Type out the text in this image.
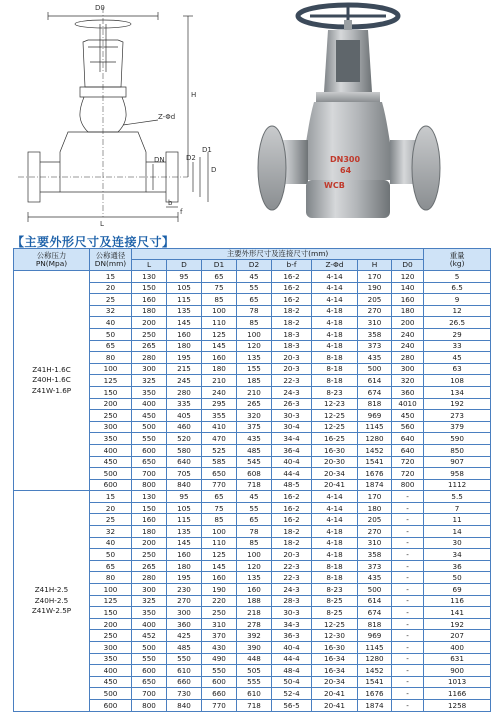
D0
H
D
D1
D2
DN
L
b
f
Z-Φd
DN300
64
WCB
【主要外形尺寸及连接尺寸】
公称压力
PN(Mpa)	公称通径
DN(mm)	主要外形尺寸及连接尺寸(mm)								重量
(kg)
		L	D	D1	D2	b-f	Z-Φd	H	D0	

Z41H-1.6C
Z40H-1.6C
Z41W-1.6P	15	130	95	65	45	16-2	4-14	170	120	5
	20	150	105	75	55	16-2	4-14	190	140	6.5
	25	160	115	85	65	16-2	4-14	205	160	9
	32	180	135	100	78	18-2	4-18	270	180	12
	40	200	145	110	85	18-2	4-18	310	200	26.5
	50	250	160	125	100	18-3	4-18	358	240	29
	65	265	180	145	120	18-3	4-18	373	240	33
	80	280	195	160	135	20-3	8-18	435	280	45
	100	300	215	180	155	20-3	8-18	500	300	63
	125	325	245	210	185	22-3	8-18	614	320	108
	150	350	280	240	210	24-3	8-23	674	360	134
	200	400	335	295	265	26-3	12-23	818	4010	192
	250	450	405	355	320	30-3	12-25	969	450	273
	300	500	460	410	375	30-4	12-25	1145	560	379
	350	550	520	470	435	34-4	16-25	1280	640	590
	400	600	580	525	485	36-4	16-30	1452	640	850
	450	650	640	585	545	40-4	20-30	1541	720	907
	500	700	705	650	608	44-4	20-34	1676	720	958
	600	800	840	770	718	48-5	20-41	1874	800	1112

Z41H-2.5
Z40H-2.5
Z41W-2.5P	15	130	95	65	45	16-2	4-14	170	-	5.5
	20	150	105	75	55	16-2	4-14	180	-	7
	25	160	115	85	65	16-2	4-14	205	-	11
	32	180	135	100	78	18-2	4-18	270	-	14
	40	200	145	110	85	18-2	4-18	310	-	30
	50	250	160	125	100	20-3	4-18	358	-	34
	65	265	180	145	120	22-3	8-18	373	-	36
	80	280	195	160	135	22-3	8-18	435	-	50
	100	300	230	190	160	24-3	8-23	500	-	69
	125	325	270	220	188	28-3	8-25	614	-	116
	150	350	300	250	218	30-3	8-25	674	-	141
	200	400	360	310	278	34-3	12-25	818	-	192
	250	452	425	370	392	36-3	12-30	969	-	207
	300	500	485	430	390	40-4	16-30	1145	-	400
	350	550	550	490	448	44-4	16-34	1280	-	631
	400	600	610	550	505	48-4	16-34	1452	-	900
	450	650	660	600	555	50-4	20-34	1541	-	1013
	500	700	730	660	610	52-4	20-41	1676	-	1166
	600	800	840	770	718	56-5	20-41	1874	-	1258
